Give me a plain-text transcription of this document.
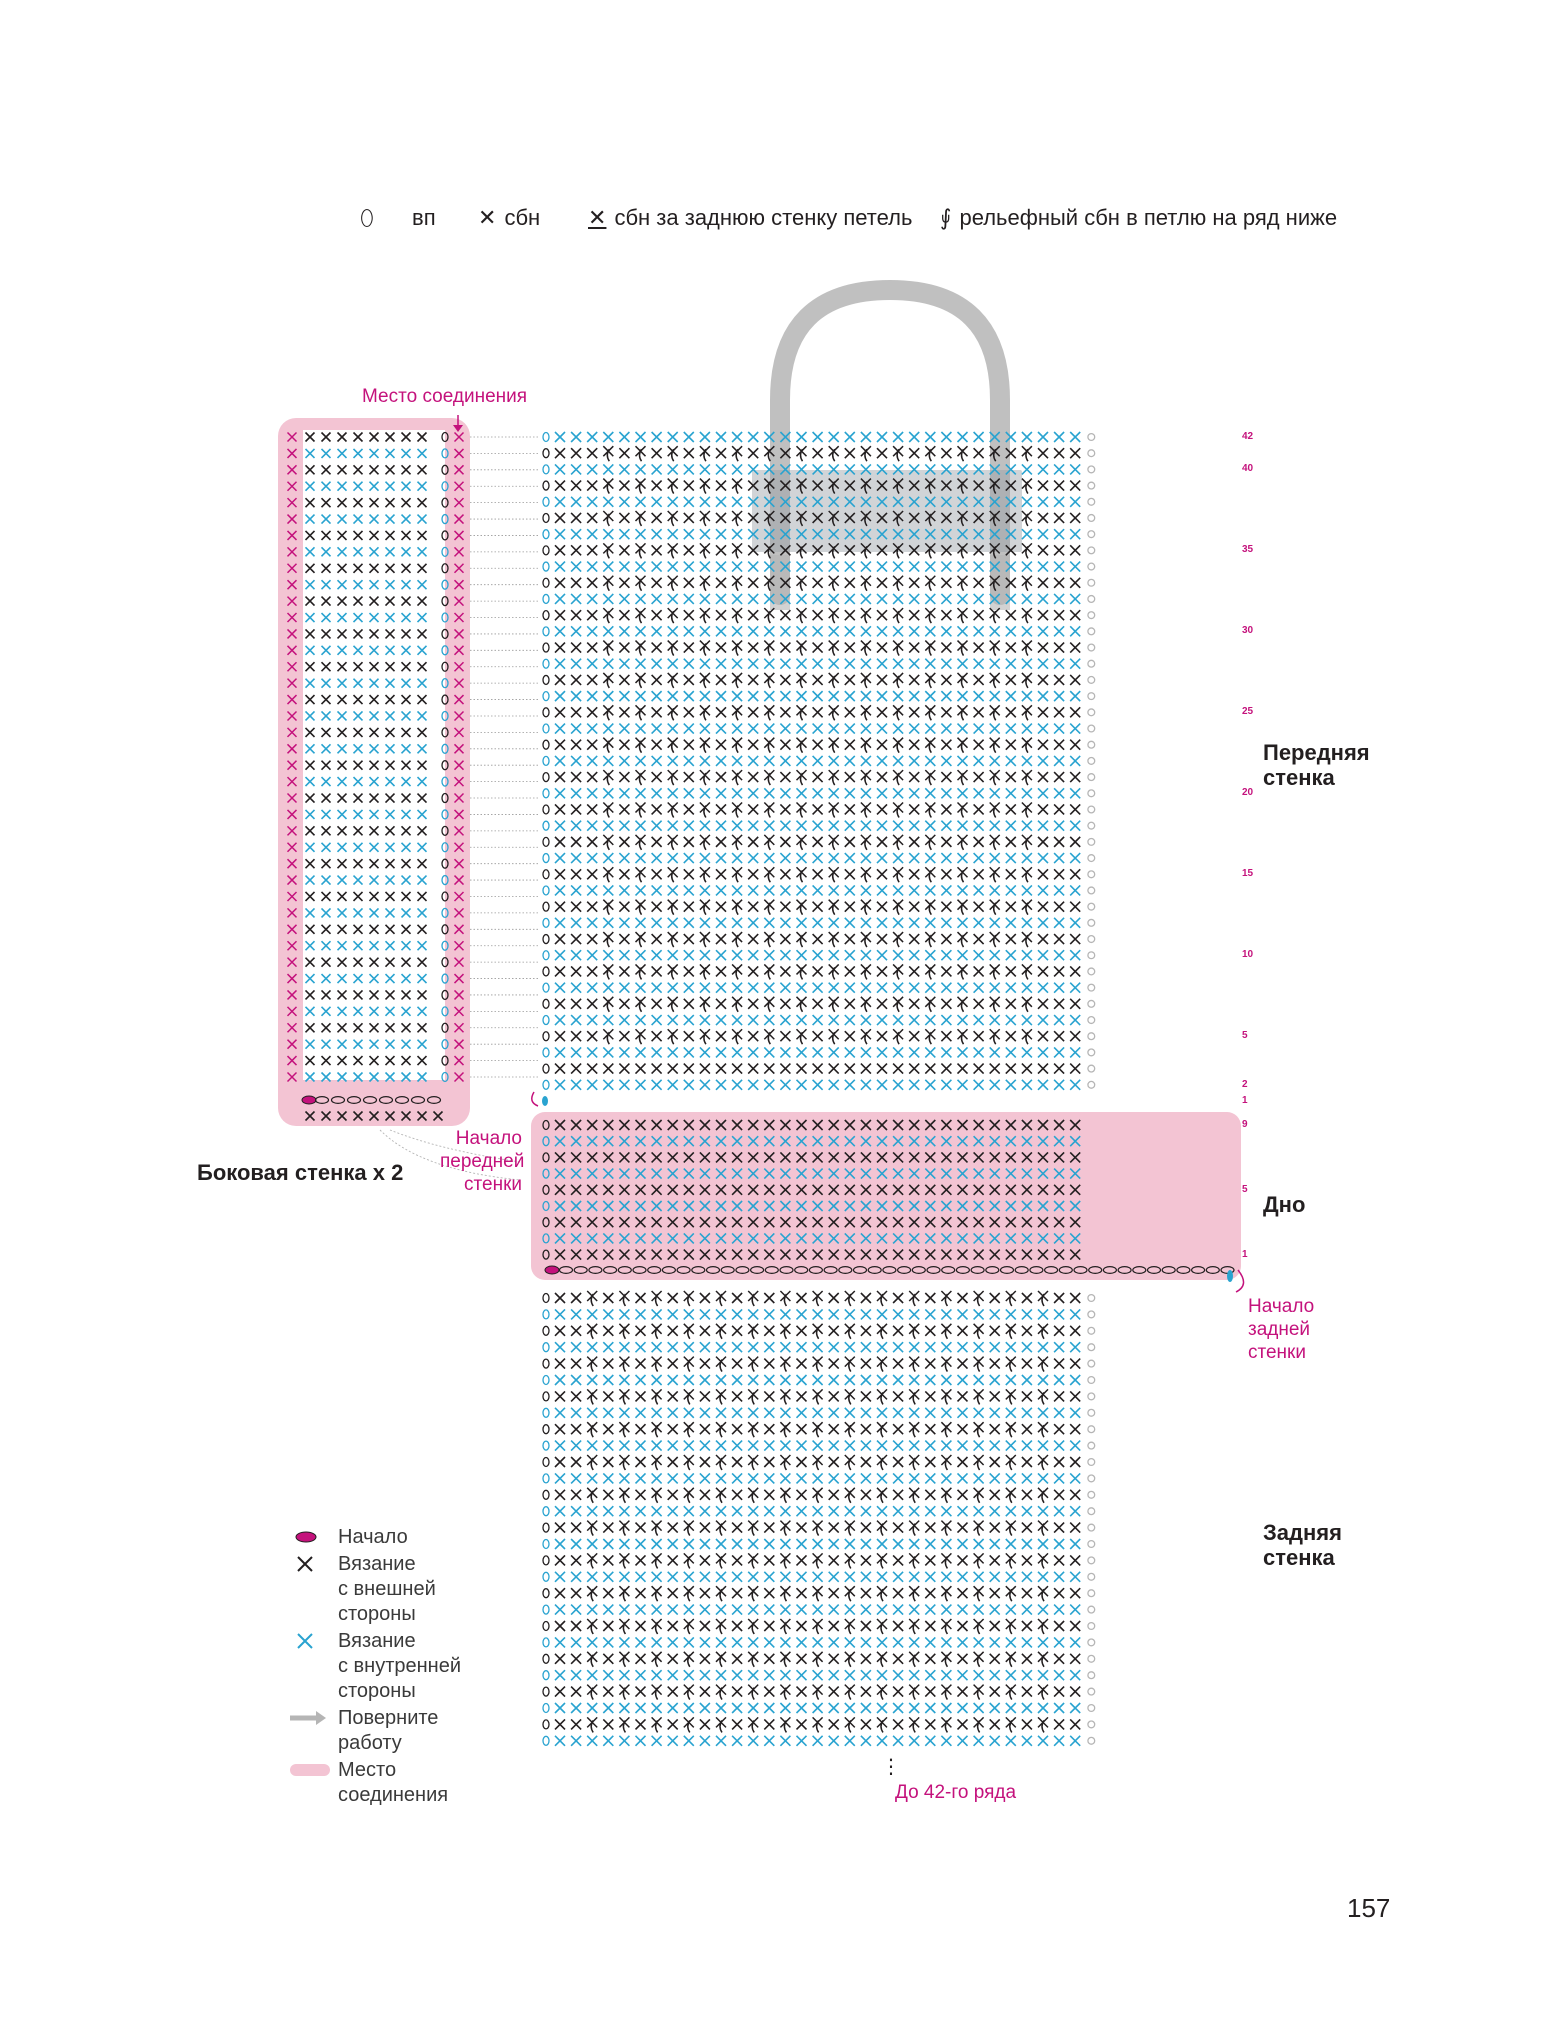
⬯	вп ✕ сбн ✕ сбн за заднюю стенку петель ⨚ рельефный сбн в петлю на ряд ниже
Место соединения
Боковая стенка х 2
Начало
передней
стенки
Передняя
стенка
Дно
Начало
задней
стенки
Задняя
стенка
⋮
До 42-го ряда
42
40
35
30
25
20
15
10
5
2
1
9
5
1
Начало
Вязание
с внешней
стороны
Вязание
с внутренней
стороны
Поверните
работу
Место
соединения
157
